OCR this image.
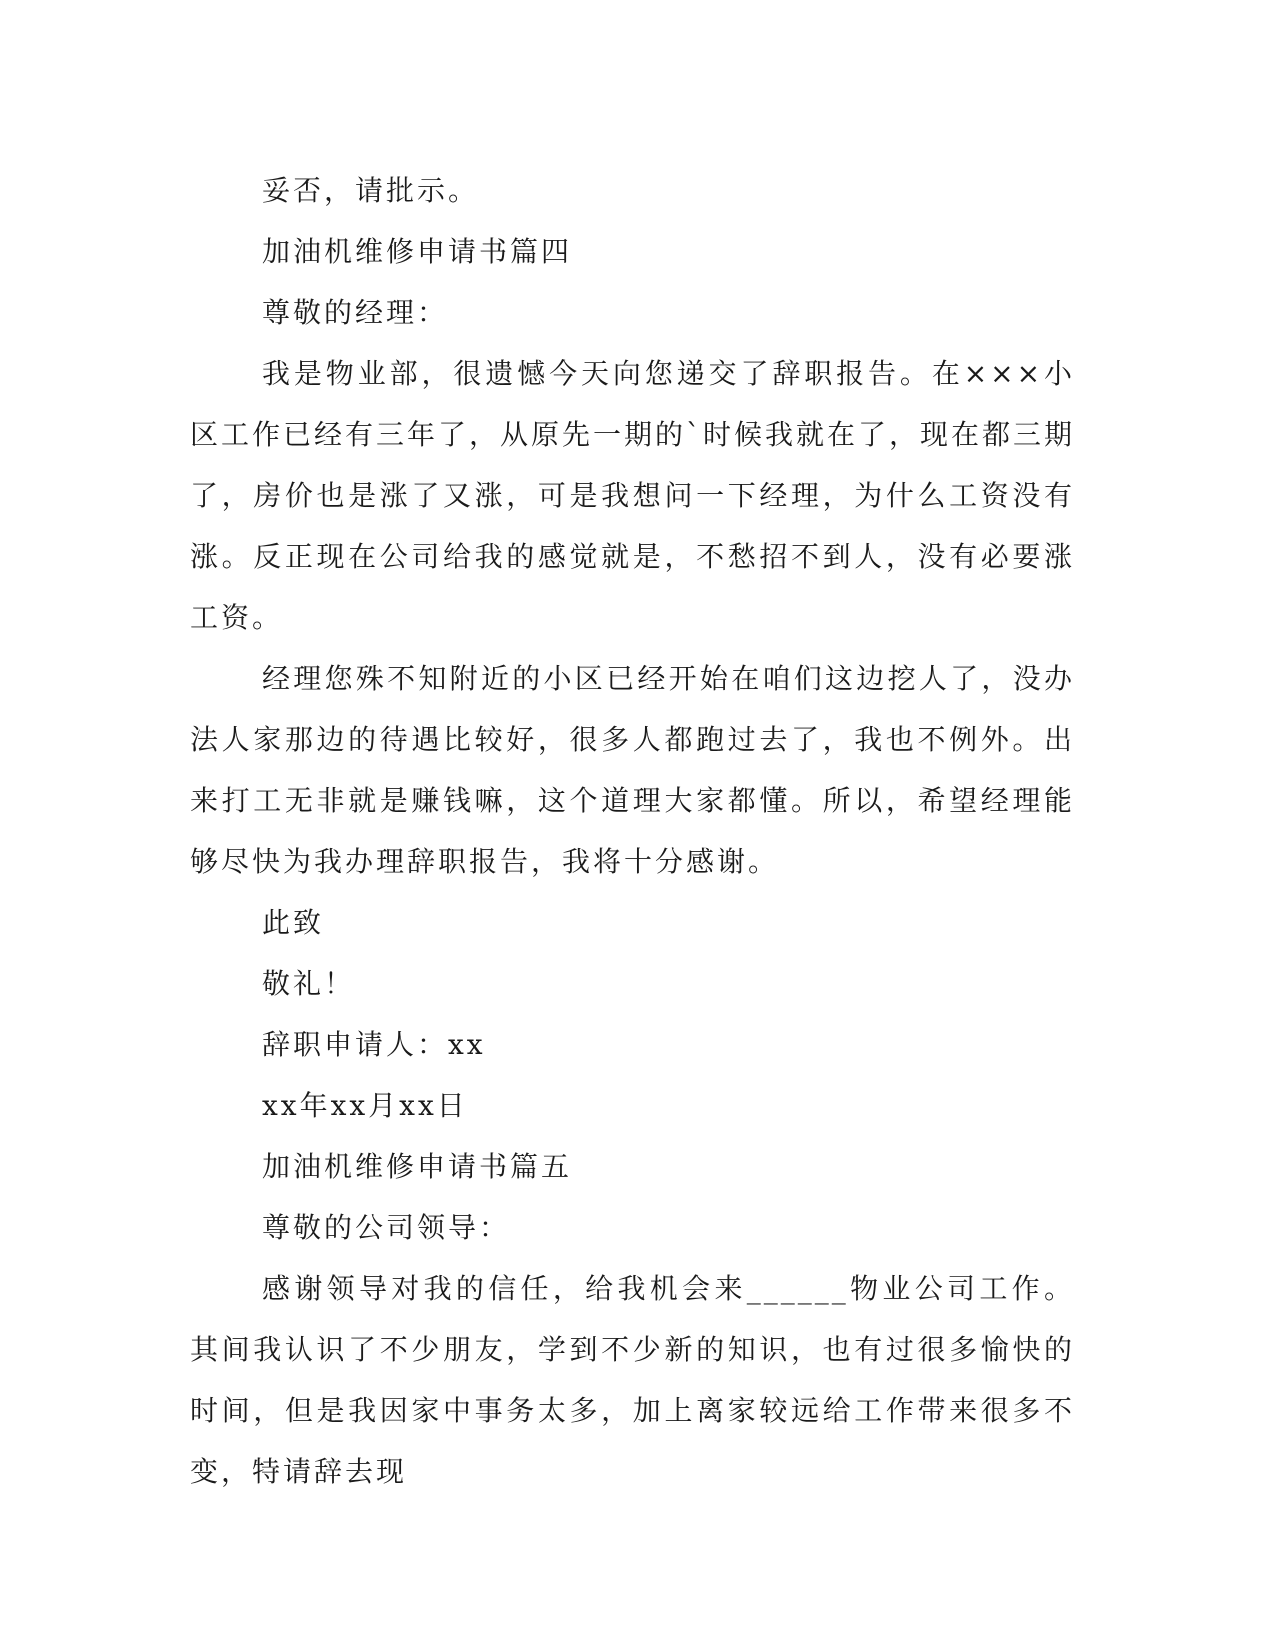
妥否，请批示。

加油机维修申请书篇四

尊敬的经理：

我是物业部，很遗憾今天向您递交了辞职报告。在×××小区工作已经有三年了，从原先一期的`时候我就在了，现在都三期了，房价也是涨了又涨，可是我想问一下经理，为什么工资没有涨。反正现在公司给我的感觉就是，不愁招不到人，没有必要涨工资。

经理您殊不知附近的小区已经开始在咱们这边挖人了，没办法人家那边的待遇比较好，很多人都跑过去了，我也不例外。出来打工无非就是赚钱嘛，这个道理大家都懂。所以，希望经理能够尽快为我办理辞职报告，我将十分感谢。

此致

敬礼！

辞职申请人：xx

xx年xx月xx日

加油机维修申请书篇五

尊敬的公司领导：

感谢领导对我的信任，给我机会来______物业公司工作。其间我认识了不少朋友，学到不少新的知识，也有过很多愉快的时间，但是我因家中事务太多，加上离家较远给工作带来很多不变，特请辞去现
